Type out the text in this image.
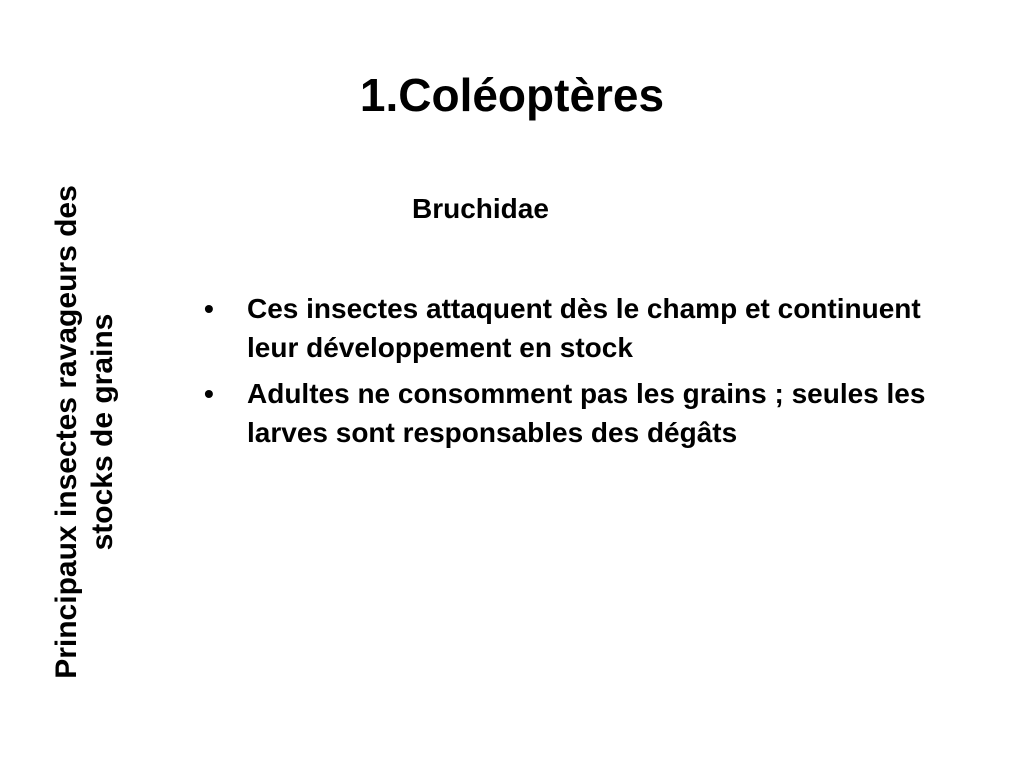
1.Coléoptères
Principaux insectes ravageurs des stocks de grains
Bruchidae
• Ces insectes attaquent dès le champ et continuent leur développement en stock
• Adultes ne consomment pas les grains ; seules les larves sont responsables des dégâts
